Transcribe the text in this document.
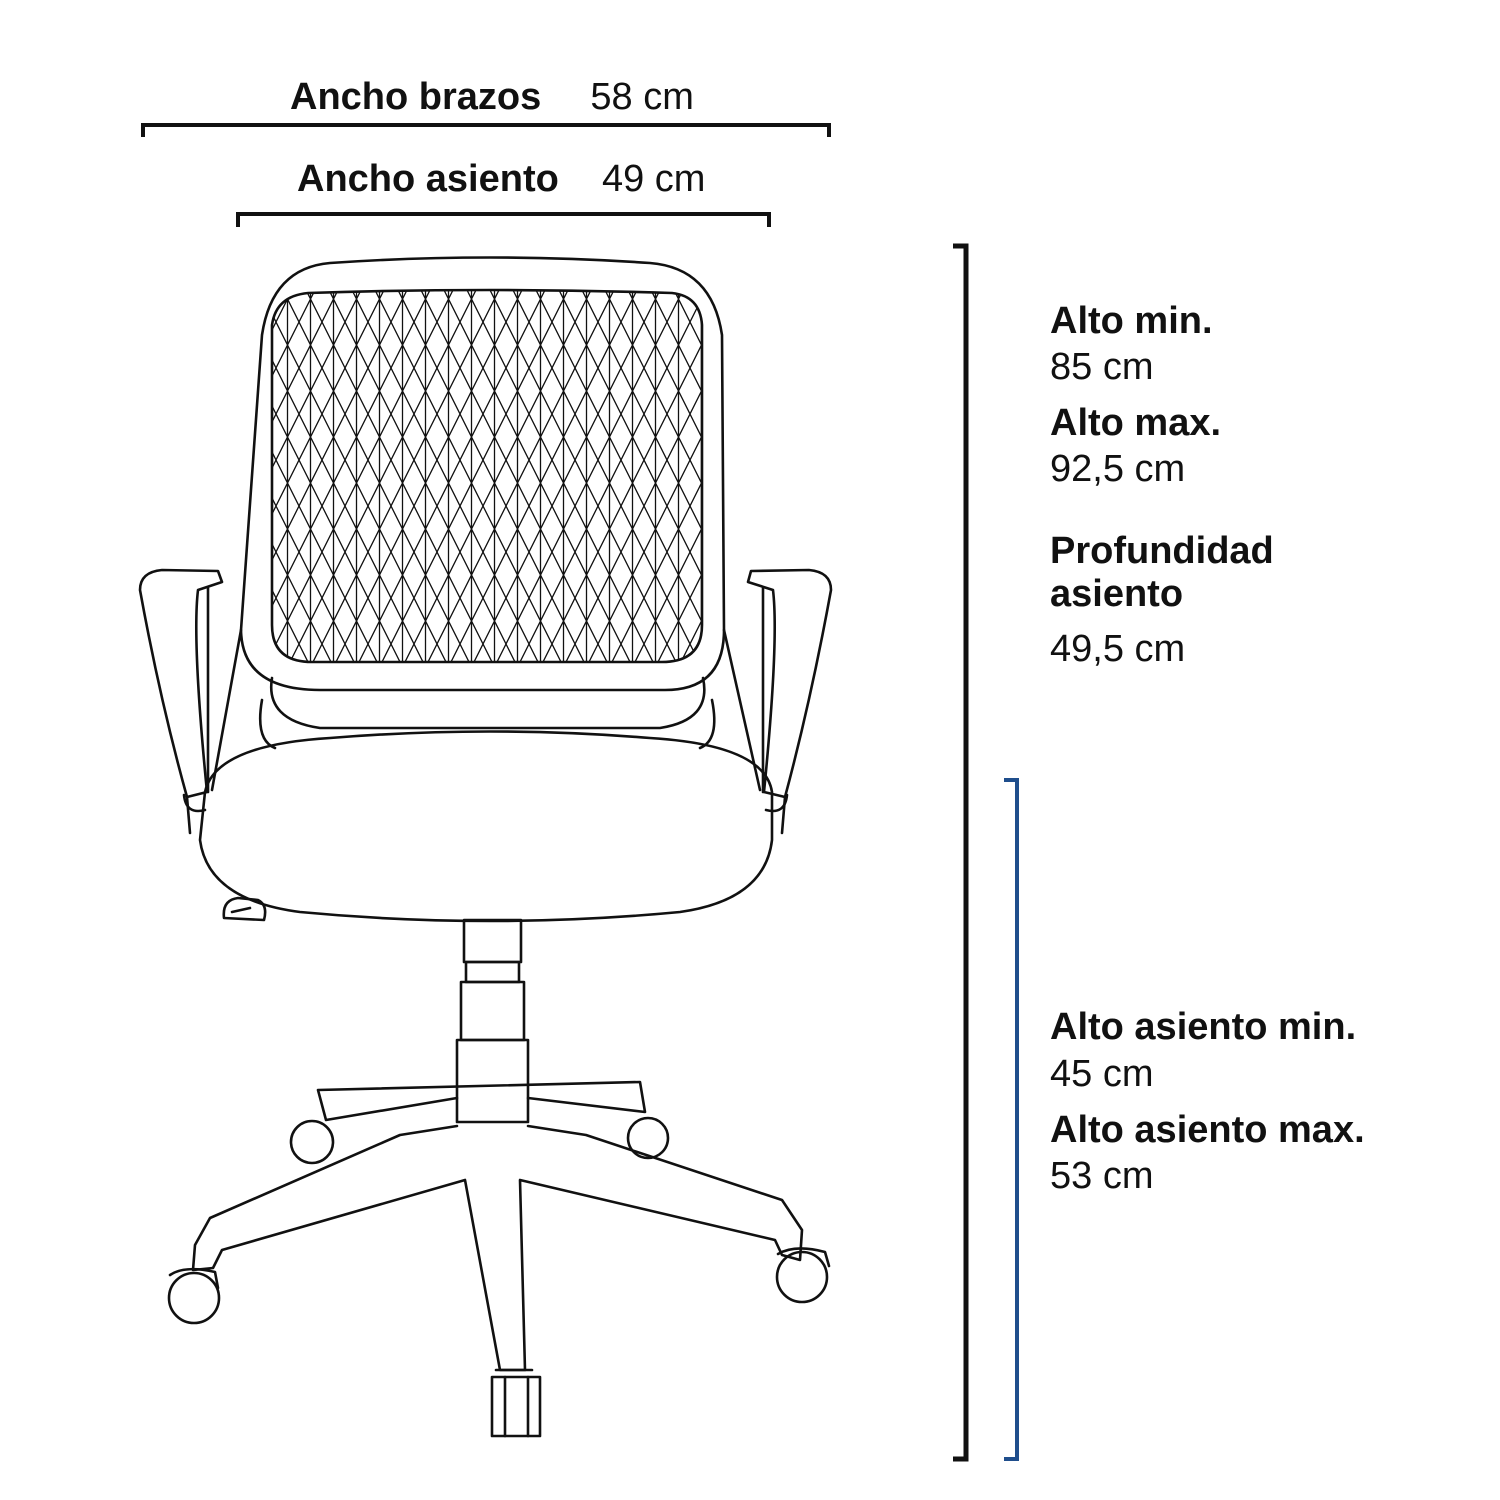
Ancho brazos 58 cm
Ancho asiento 49 cm
Alto min.
85 cm
Alto max.
92,5 cm
Profundidad
asiento
49,5 cm
Alto asiento min.
45 cm
Alto asiento max.
53 cm
